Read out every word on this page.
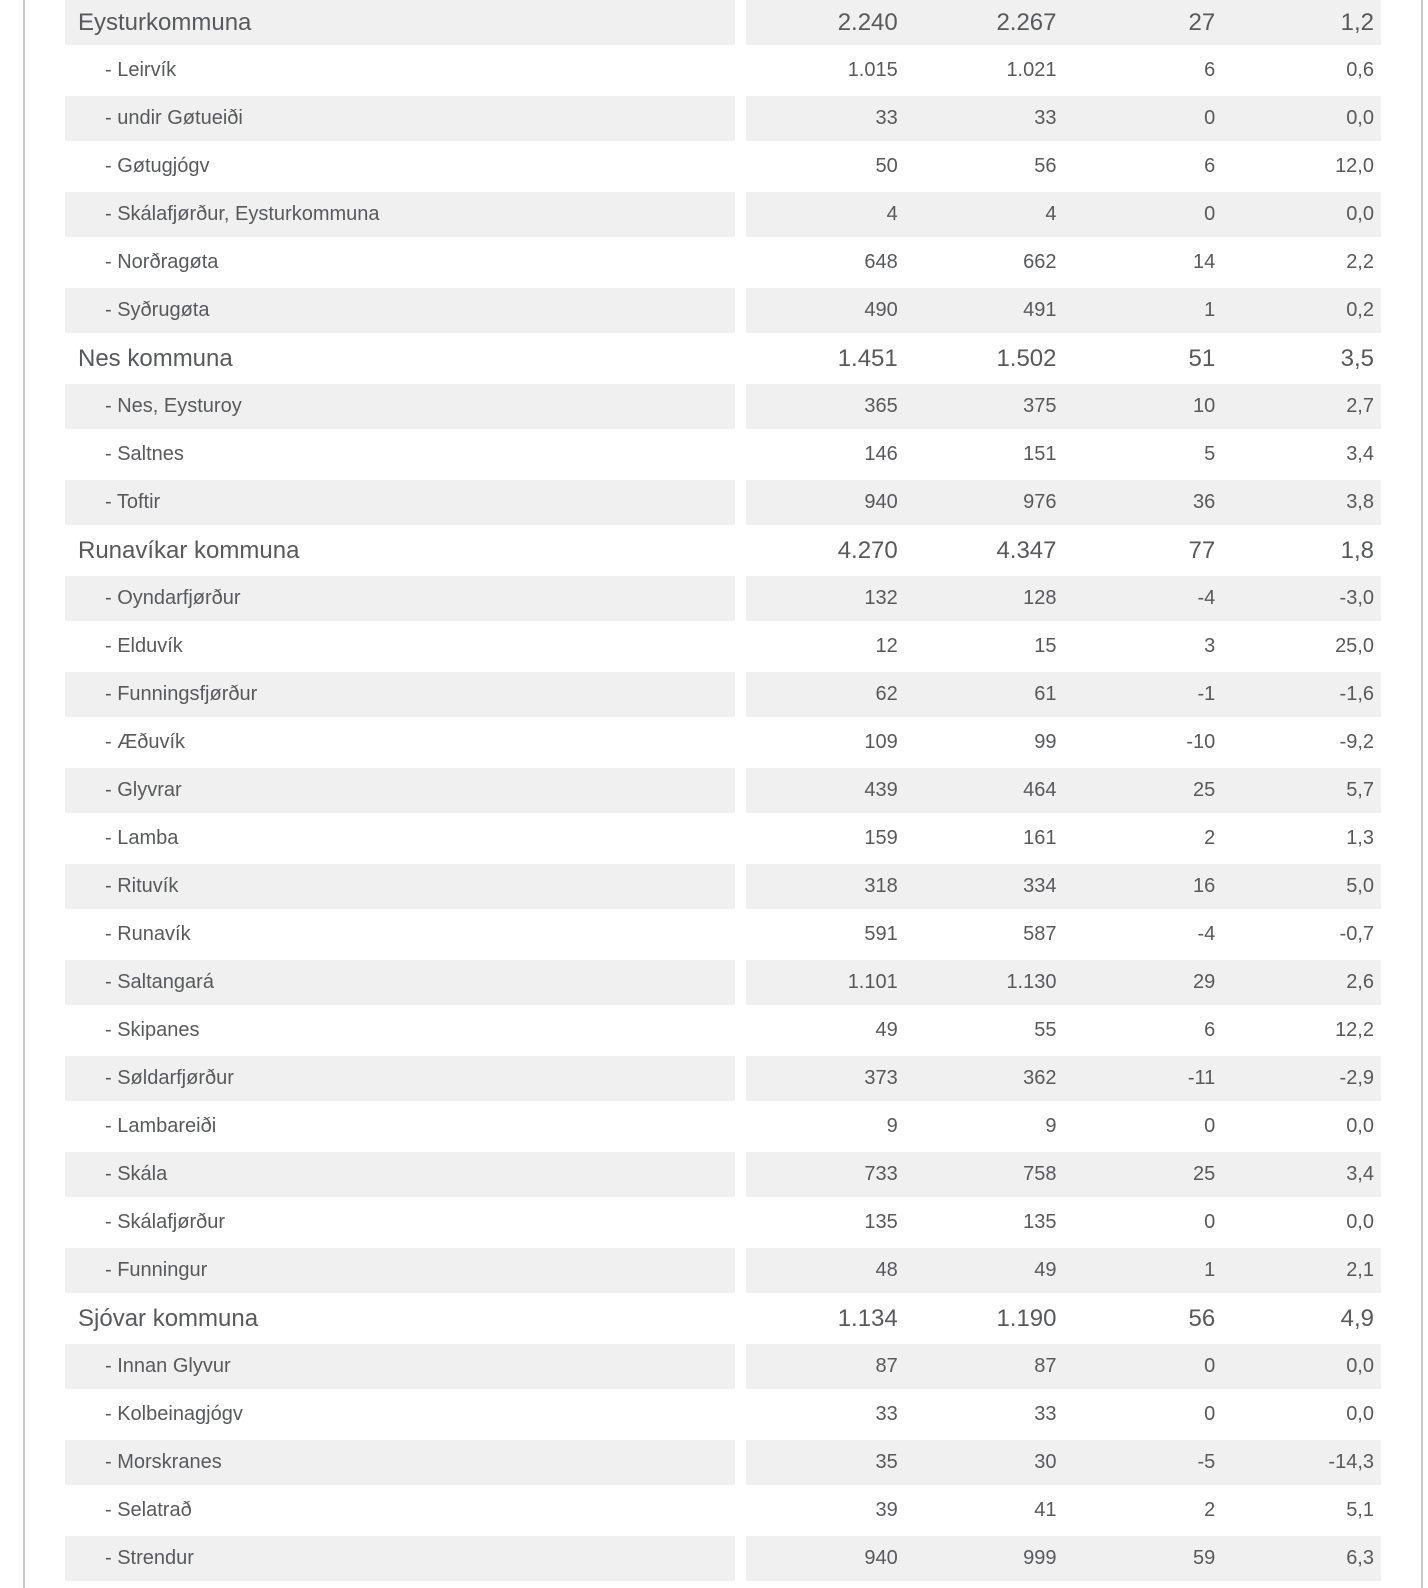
Eysturkommuna	2.240	2.267	27	1,2
- Leirvík	1.015	1.021	6	0,6
- undir Gøtueiði	33	33	0	0,0
- Gøtugjógv	50	56	6	12,0
- Skálafjørður, Eysturkommuna	4	4	0	0,0
- Norðragøta	648	662	14	2,2
- Syðrugøta	490	491	1	0,2
Nes kommuna	1.451	1.502	51	3,5
- Nes, Eysturoy	365	375	10	2,7
- Saltnes	146	151	5	3,4
- Toftir	940	976	36	3,8
Runavíkar kommuna	4.270	4.347	77	1,8
- Oyndarfjørður	132	128	-4	-3,0
- Elduvík	12	15	3	25,0
- Funningsfjørður	62	61	-1	-1,6
- Æðuvík	109	99	-10	-9,2
- Glyvrar	439	464	25	5,7
- Lamba	159	161	2	1,3
- Rituvík	318	334	16	5,0
- Runavík	591	587	-4	-0,7
- Saltangará	1.101	1.130	29	2,6
- Skipanes	49	55	6	12,2
- Søldarfjørður	373	362	-11	-2,9
- Lambareiði	9	9	0	0,0
- Skála	733	758	25	3,4
- Skálafjørður	135	135	0	0,0
- Funningur	48	49	1	2,1
Sjóvar kommuna	1.134	1.190	56	4,9
- Innan Glyvur	87	87	0	0,0
- Kolbeinagjógv	33	33	0	0,0
- Morskranes	35	30	-5	-14,3
- Selatrað	39	41	2	5,1
- Strendur	940	999	59	6,3
